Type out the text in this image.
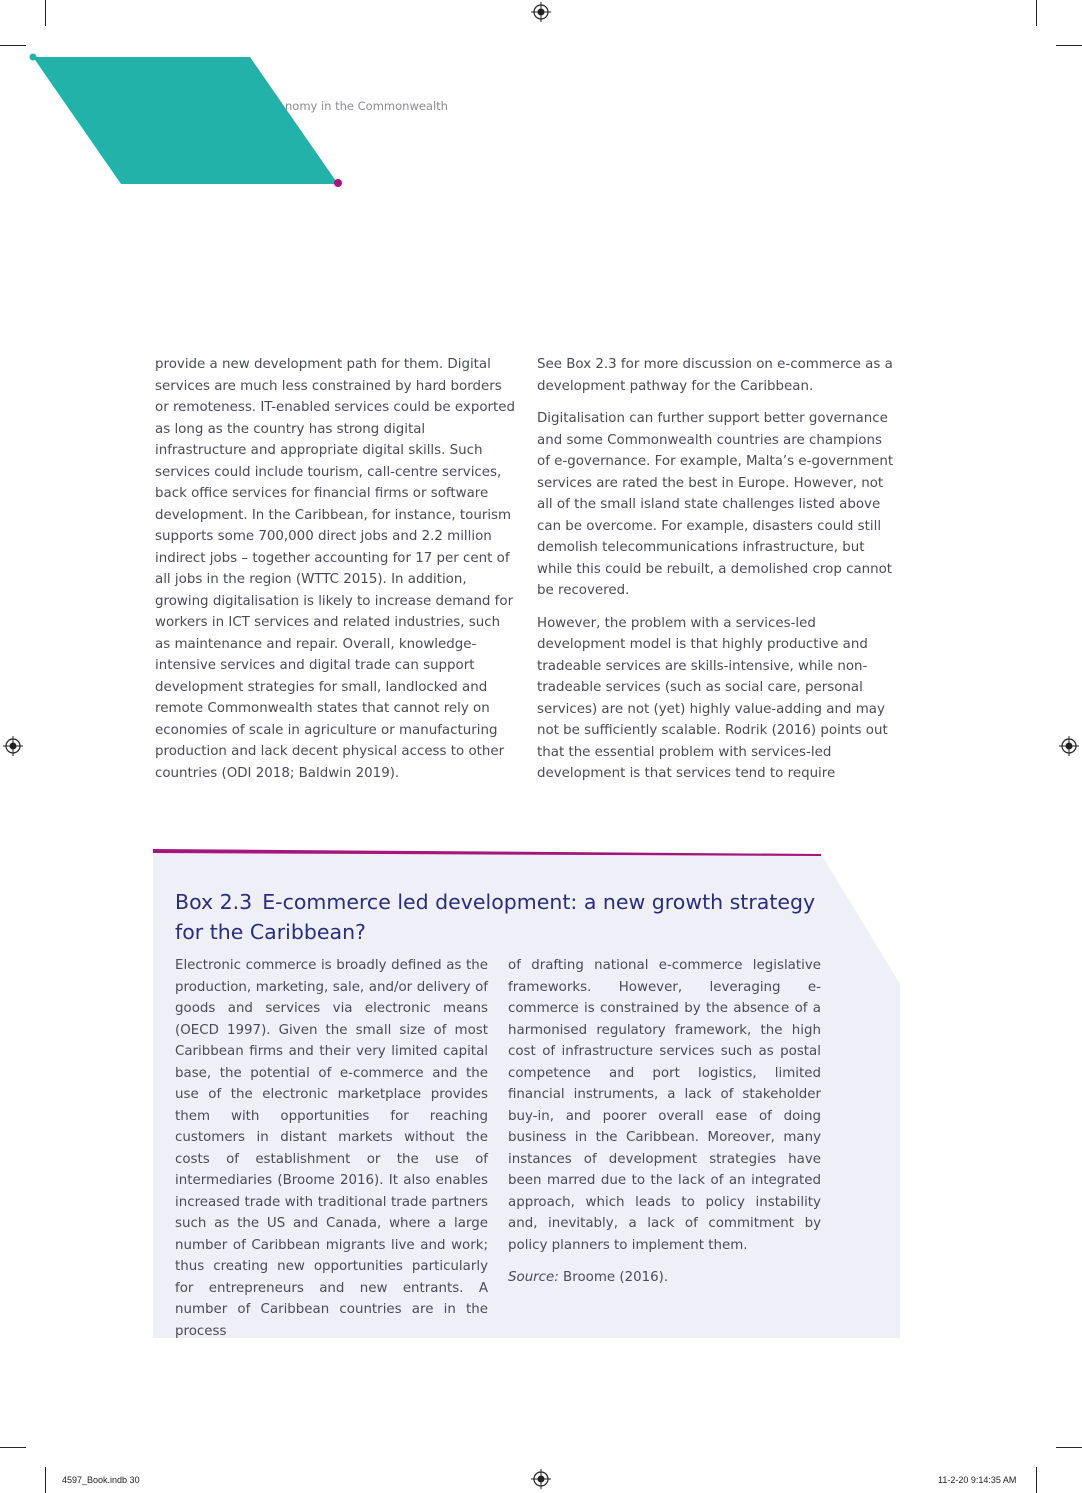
nomy in the Commonwealth

provide a new development path for them. Digital services are much less constrained by hard borders or remoteness. IT-enabled services could be exported as long as the country has strong digital infrastructure and appropriate digital skills. Such services could include tourism, call-centre services, back office services for financial firms or software development. In the Caribbean, for instance, tourism supports some 700,000 direct jobs and 2.2 million indirect jobs – together accounting for 17 per cent of all jobs in the region (WTTC 2015). In addition, growing digitalisation is likely to increase demand for workers in ICT services and related industries, such as maintenance and repair. Overall, knowledge-intensive services and digital trade can support development strategies for small, landlocked and remote Commonwealth states that cannot rely on economies of scale in agriculture or manufacturing production and lack decent physical access to other countries (ODI 2018; Baldwin 2019).

See Box 2.3 for more discussion on e-commerce as a development pathway for the Caribbean.

Digitalisation can further support better governance and some Commonwealth countries are champions of e-governance. For example, Malta’s e-government services are rated the best in Europe. However, not all of the small island state challenges listed above can be overcome. For example, disasters could still demolish telecommunications infrastructure, but while this could be rebuilt, a demolished crop cannot be recovered.

However, the problem with a services-led development model is that highly productive and tradeable services are skills-intensive, while non-tradeable services (such as social care, personal services) are not (yet) highly value-adding and may not be sufficiently scalable. Rodrik (2016) points out that the essential problem with services-led development is that services tend to require

Box 2.3 E-commerce led development: a new growth strategy for the Caribbean?

Electronic commerce is broadly defined as the production, marketing, sale, and/or delivery of goods and services via electronic means (OECD 1997). Given the small size of most Caribbean firms and their very limited capital base, the potential of e-commerce and the use of the electronic marketplace provides them with opportunities for reaching customers in distant markets without the costs of establishment or the use of intermediaries (Broome 2016). It also enables increased trade with traditional trade partners such as the US and Canada, where a large number of Caribbean migrants live and work; thus creating new opportunities particularly for entrepreneurs and new entrants. A number of Caribbean countries are in the process

of drafting national e-commerce legislative frameworks. However, leveraging e-commerce is constrained by the absence of a harmonised regulatory framework, the high cost of infrastructure services such as postal competence and port logistics, limited financial instruments, a lack of stakeholder buy-in, and poorer overall ease of doing business in the Caribbean. Moreover, many instances of development strategies have been marred due to the lack of an integrated approach, which leads to policy instability and, inevitably, a lack of commitment by policy planners to implement them.

Source: Broome (2016).

4597_Book.indb 30	11-2-20 9:14:35 AM
